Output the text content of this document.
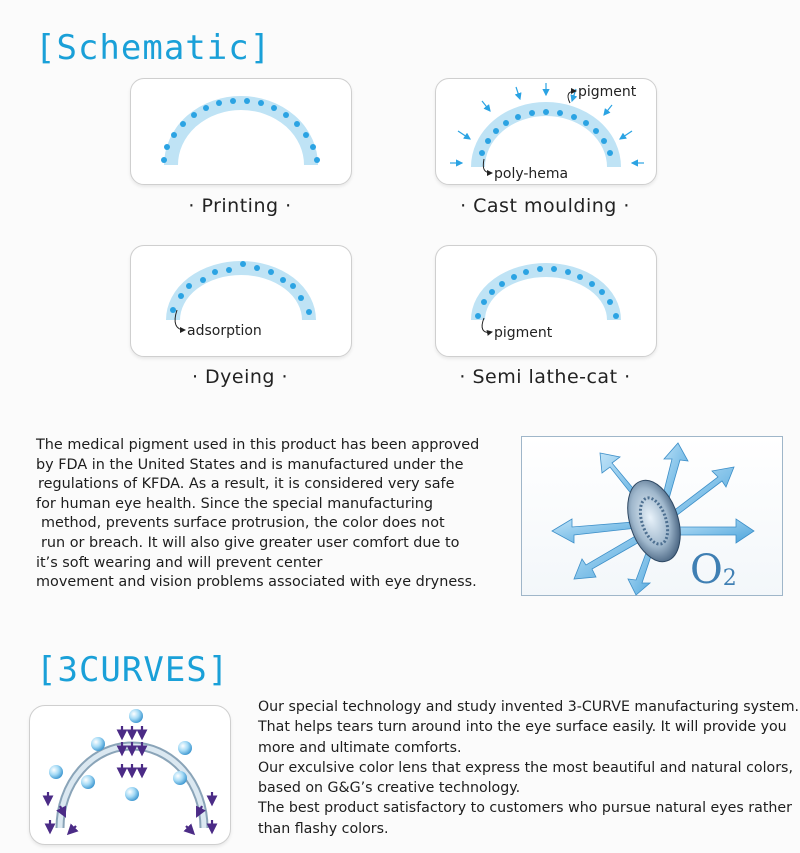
[Schematic]
· Printing ·
pigment
poly-hema
· Cast moulding ·
adsorption
· Dyeing ·
pigment
· Semi lathe-cat ·
The medical pigment used in this product has been approved
by FDA in the United States and is manufactured under the
regulations of KFDA. As a result, it is considered very safe
for human eye health. Since the special manufacturing
method, prevents surface protrusion, the color does not
run or breach. It will also give greater user comfort due to
it’s soft wearing and will prevent center
movement and vision problems associated with eye dryness.	O2
[3CURVES]
Our special technology and study invented 3-CURVE manufacturing system.
That helps tears turn around into the eye surface easily. It will provide you
more and ultimate comforts.
Our exculsive color lens that express the most beautiful and natural colors,
based on G&G’s creative technology.
The best product satisfactory to customers who pursue natural eyes rather
than flashy colors.
